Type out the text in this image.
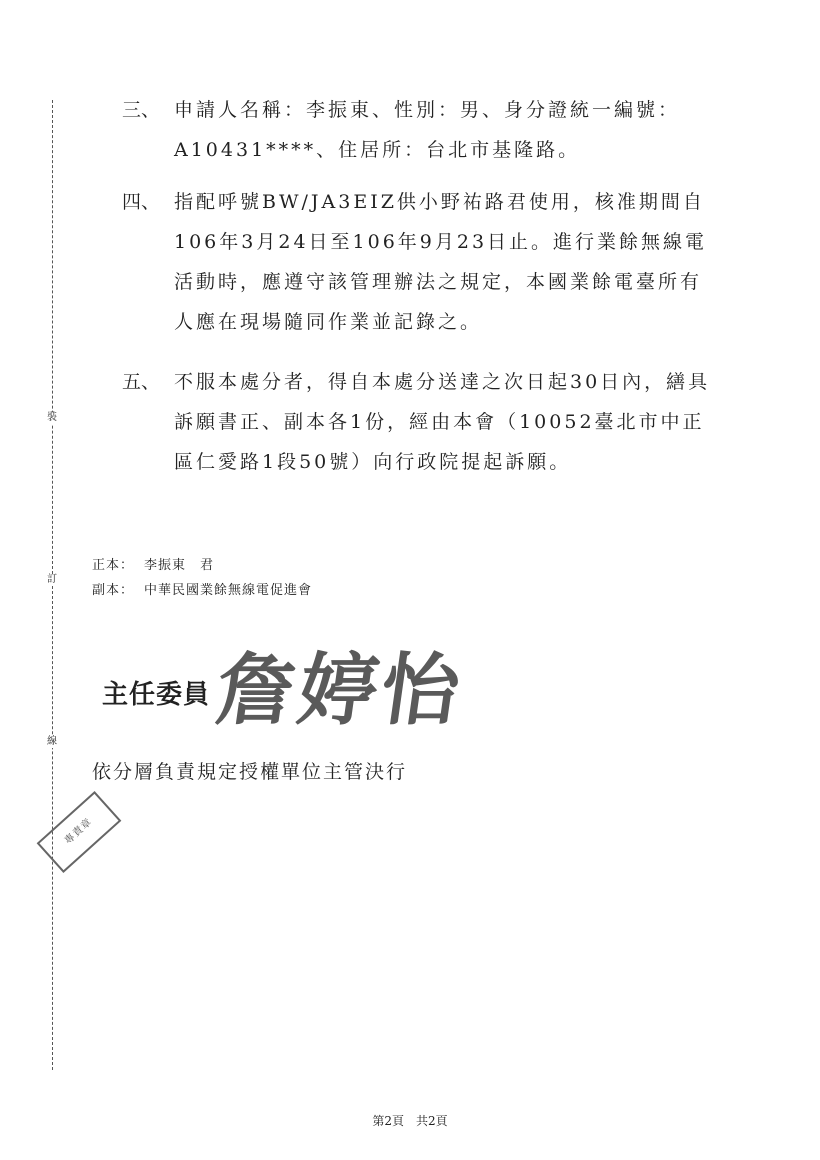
裝
訂
線
三、 申請人名稱：李振東、性別：男、身分證統一編號：A10431****、住居所：台北市基隆路。
四、 指配呼號BW/JA3EIZ供小野祐路君使用，核准期間自106年3月24日至106年9月23日止。進行業餘無線電活動時，應遵守該管理辦法之規定，本國業餘電臺所有人應在現場隨同作業並記錄之。
五、 不服本處分者，得自本處分送達之次日起30日內，繕具訴願書正、副本各1份，經由本會（10052臺北市中正區仁愛路1段50號）向行政院提起訴願。
正本： 李振東　君
副本： 中華民國業餘無線電促進會
主任委員 詹婷怡
依分層負責規定授權單位主管決行
專責章
第2頁　共2頁
